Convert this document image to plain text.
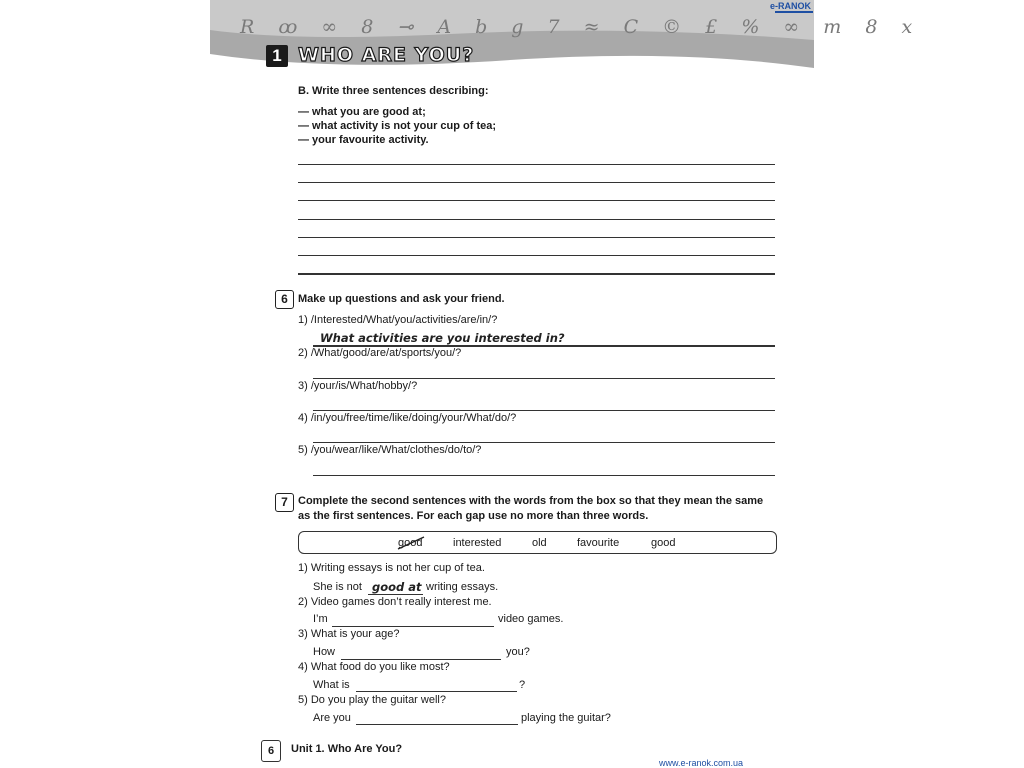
R ꝏ ∞ 8 ⊸ A b g 7 ≈ C © £ % ∞ m 8 x
e-RANOK
1 WHO ARE YOU?
B. Write three sentences describing:
— what you are good at;
— what activity is not your cup of tea;
— your favourite activity.
6 Make up questions and ask your friend.
1) /Interested/What/you/activities/are/in/?
What activities are you interested in?
2) /What/good/are/at/sports/you/?
3) /your/is/What/hobby/?
4) /in/you/free/time/like/doing/your/What/do/?
5) /you/wear/like/What/clothes/do/to/?
7 Complete the second sentences with the words from the box so that they mean the same
as the first sentences. For each gap use no more than three words.
good	interested	old	favourite	good
1) Writing essays is not her cup of tea.
She is not good at writing essays.
2) Video games don’t really interest me.
I’m	video games.
3) What is your age?
How	you?
4) What food do you like most?
What is	?
5) Do you play the guitar well?
Are you	playing the guitar?
6	Unit 1. Who Are You?
www.e-ranok.com.ua
